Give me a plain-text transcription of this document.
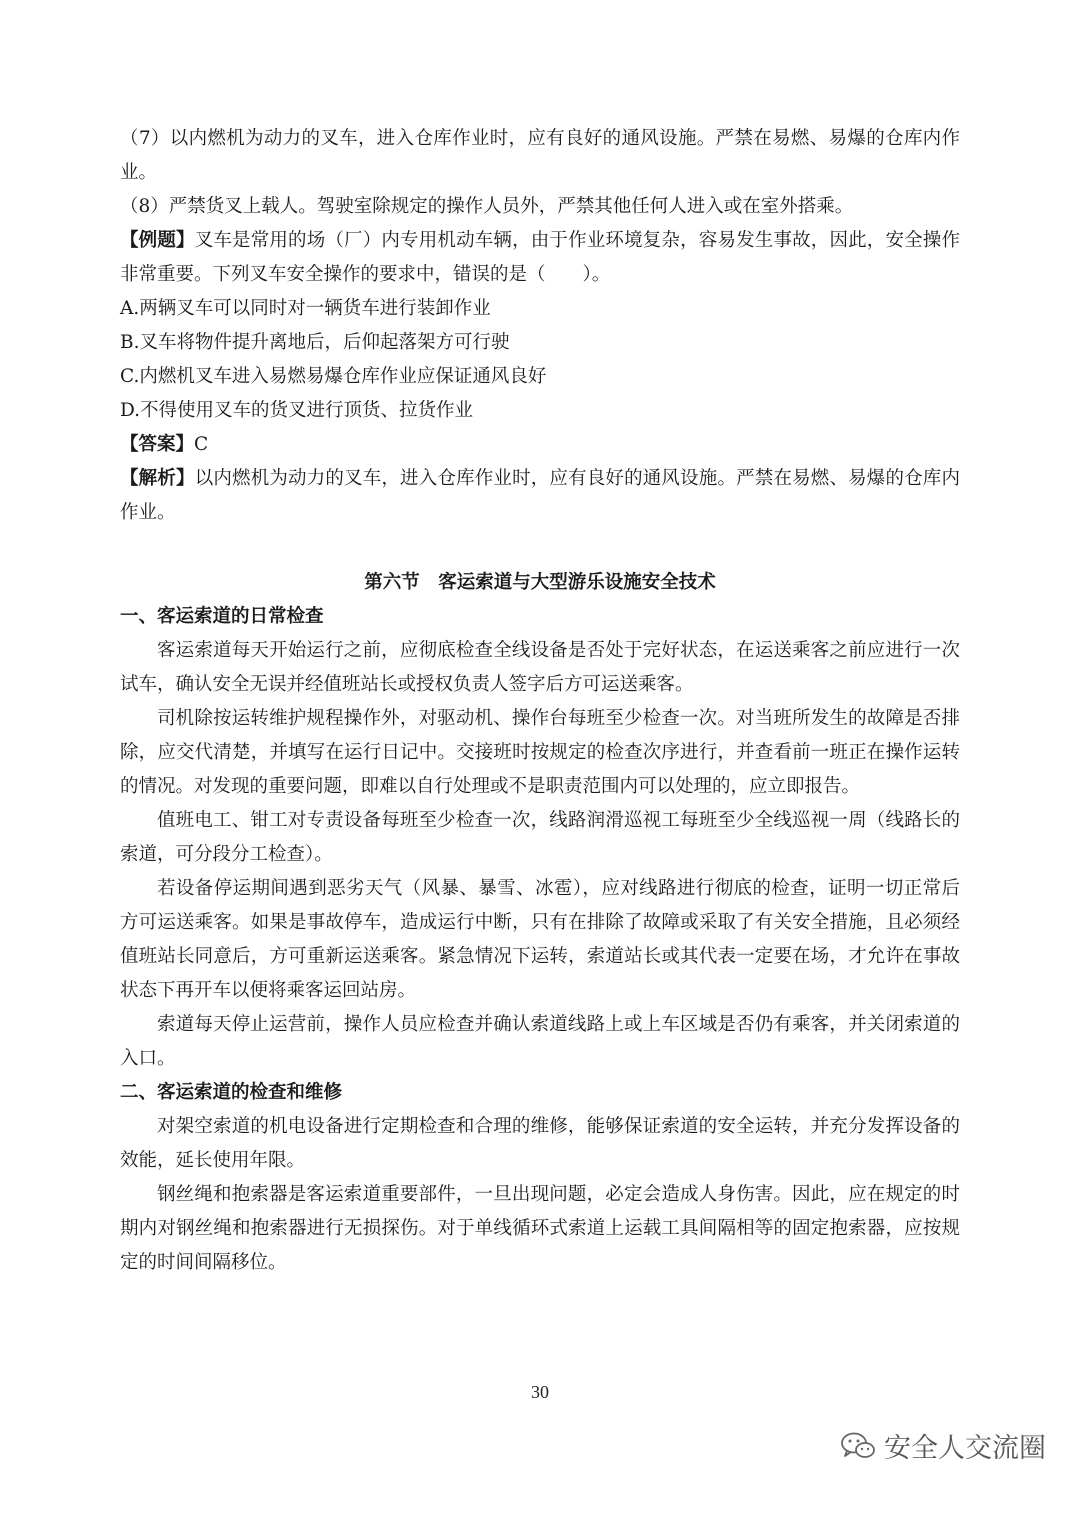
（7）以内燃机为动力的叉车，进入仓库作业时，应有良好的通风设施。严禁在易燃、易爆的仓库内作业。

（8）严禁货叉上载人。驾驶室除规定的操作人员外，严禁其他任何人进入或在室外搭乘。

【例题】叉车是常用的场（厂）内专用机动车辆，由于作业环境复杂，容易发生事故，因此，安全操作非常重要。下列叉车安全操作的要求中，错误的是（　　）。

A.两辆叉车可以同时对一辆货车进行装卸作业

B.叉车将物件提升离地后，后仰起落架方可行驶

C.内燃机叉车进入易燃易爆仓库作业应保证通风良好

D.不得使用叉车的货叉进行顶货、拉货作业

【答案】C

【解析】以内燃机为动力的叉车，进入仓库作业时，应有良好的通风设施。严禁在易燃、易爆的仓库内作业。

第六节　客运索道与大型游乐设施安全技术

一、客运索道的日常检查

客运索道每天开始运行之前，应彻底检查全线设备是否处于完好状态，在运送乘客之前应进行一次试车，确认安全无误并经值班站长或授权负责人签字后方可运送乘客。

司机除按运转维护规程操作外，对驱动机、操作台每班至少检查一次。对当班所发生的故障是否排除，应交代清楚，并填写在运行日记中。交接班时按规定的检查次序进行，并查看前一班正在操作运转的情况。对发现的重要问题，即难以自行处理或不是职责范围内可以处理的，应立即报告。

值班电工、钳工对专责设备每班至少检查一次，线路润滑巡视工每班至少全线巡视一周（线路长的索道，可分段分工检查）。

若设备停运期间遇到恶劣天气（风暴、暴雪、冰雹），应对线路进行彻底的检查，证明一切正常后方可运送乘客。如果是事故停车，造成运行中断，只有在排除了故障或采取了有关安全措施，且必须经值班站长同意后，方可重新运送乘客。紧急情况下运转，索道站长或其代表一定要在场，才允许在事故状态下再开车以便将乘客运回站房。

索道每天停止运营前，操作人员应检查并确认索道线路上或上车区域是否仍有乘客，并关闭索道的入口。

二、客运索道的检查和维修

对架空索道的机电设备进行定期检查和合理的维修，能够保证索道的安全运转，并充分发挥设备的效能，延长使用年限。

钢丝绳和抱索器是客运索道重要部件，一旦出现问题，必定会造成人身伤害。因此，应在规定的时期内对钢丝绳和抱索器进行无损探伤。对于单线循环式索道上运载工具间隔相等的固定抱索器，应按规定的时间间隔移位。

30
安全人交流圈
